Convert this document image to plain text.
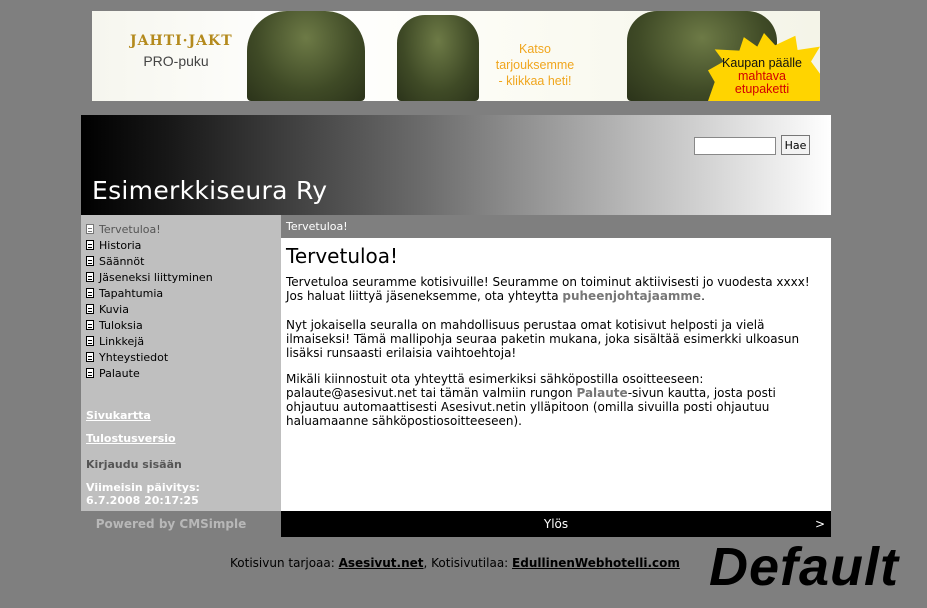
JAHTI·JAKT
PRO-puku
Katso tarjouksemme
- klikkaa heti!
Kaupan päälle
mahtava
etupaketti
Hae
Esimerkkiseura Ry
Tervetuloa!
Historia
Säännöt
Jäseneksi liittyminen
Tapahtumia
Kuvia
Tuloksia
Linkkejä
Yhteystiedot
Palaute
Sivukartta
Tulostusversio
Kirjaudu sisään
Viimeisin päivitys:
6.7.2008 20:17:25
Tervetuloa!
Tervetuloa!
Tervetuloa seuramme kotisivuille! Seuramme on toiminut aktiivisesti jo vuodesta xxxx! Jos haluat liittyä jäseneksemme, ota yhteytta puheenjohtajaamme.
Nyt jokaisella seuralla on mahdollisuus perustaa omat kotisivut helposti ja vielä ilmaiseksi! Tämä mallipohja seuraa paketin mukana, joka sisältää esimerkki ulkoasun lisäksi runsaasti erilaisia vaihtoehtoja!
Mikäli kiinnostuit ota yhteyttä esimerkiksi sähköpostilla osoitteeseen: palaute@asesivut.net tai tämän valmiin rungon Palaute-sivun kautta, josta posti ohjautuu automaattisesti Asesivut.netin ylläpitoon (omilla sivuilla posti ohjautuu haluamaanne sähköpostiosoitteeseen).
Powered by CMSimple	Ylös	>
Kotisivun tarjoaa: Asesivut.net, Kotisivutilaa: EdullinenWebhotelli.com Default
